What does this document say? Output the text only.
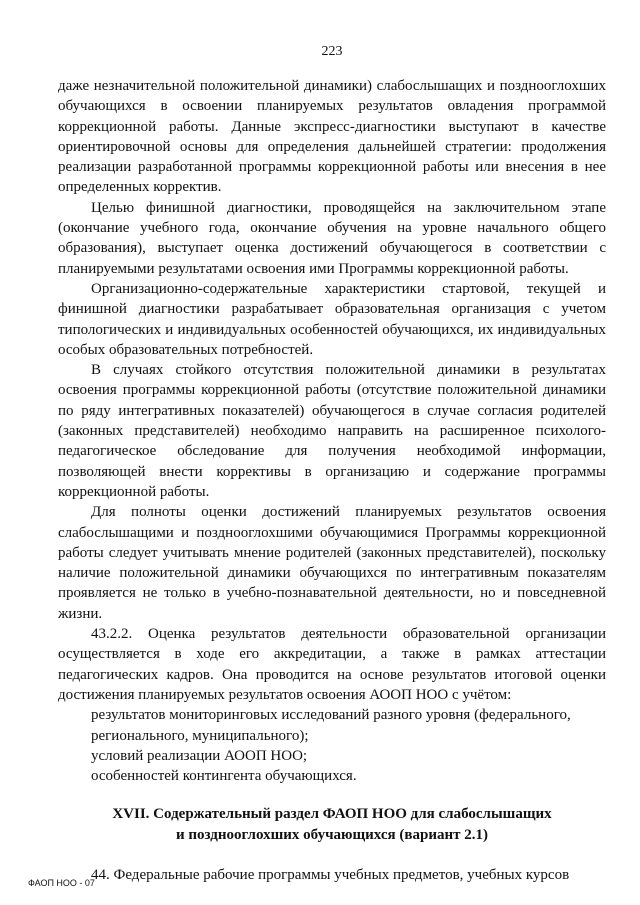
223

даже незначительной положительной динамики) слабослышащих и позднооглохших обучающихся в освоении планируемых результатов овладения программой коррекционной работы. Данные экспресс-диагностики выступают в качестве ориентировочной основы для определения дальнейшей стратегии: продолжения реализации разработанной программы коррекционной работы или внесения в нее определенных корректив.

Целью финишной диагностики, проводящейся на заключительном этапе (окончание учебного года, окончание обучения на уровне начального общего образования), выступает оценка достижений обучающегося в соответствии с планируемыми результатами освоения ими Программы коррекционной работы.

Организационно-содержательные характеристики стартовой, текущей и финишной диагностики разрабатывает образовательная организация с учетом типологических и индивидуальных особенностей обучающихся, их индивидуальных особых образовательных потребностей.

В случаях стойкого отсутствия положительной динамики в результатах освоения программы коррекционной работы (отсутствие положительной динамики по ряду интегративных показателей) обучающегося в случае согласия родителей (законных представителей) необходимо направить на расширенное психолого-педагогическое обследование для получения необходимой информации, позволяющей внести коррективы в организацию и содержание программы коррекционной работы.

Для полноты оценки достижений планируемых результатов освоения слабослышащими и позднооглохшими обучающимися Программы коррекционной работы следует учитывать мнение родителей (законных представителей), поскольку наличие положительной динамики обучающихся по интегративным показателям проявляется не только в учебно-познавательной деятельности, но и повседневной жизни.

43.2.2. Оценка результатов деятельности образовательной организации осуществляется в ходе его аккредитации, а также в рамках аттестации педагогических кадров. Она проводится на основе результатов итоговой оценки достижения планируемых результатов освоения АООП НОО с учётом:

результатов мониторинговых исследований разного уровня (федерального, регионального, муниципального);

условий реализации АООП НОО;

особенностей контингента обучающихся.

XVII. Содержательный раздел ФАОП НОО для слабослышащих
и позднооглохших обучающихся (вариант 2.1)

44. Федеральные рабочие программы учебных предметов, учебных курсов

ФАОП НОО - 07
